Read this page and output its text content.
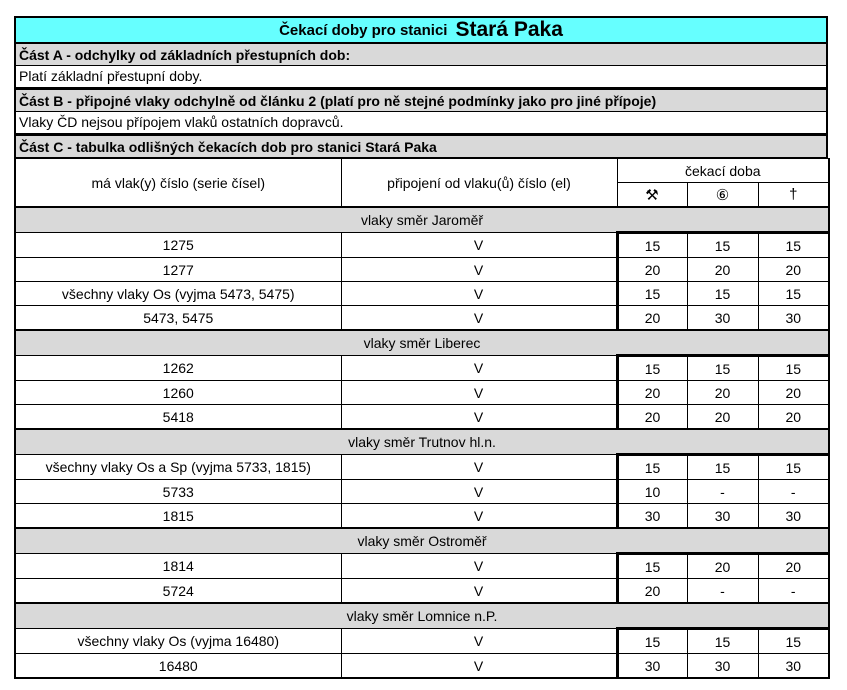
Čekací doby pro stanici Stará Paka
Část A - odchylky od základních přestupních dob:
Platí základní přestupní doby.
Část B - připojné vlaky odchylně od článku 2 (platí pro ně stejné podmínky jako pro jiné přípoje)
Vlaky ČD nejsou přípojem vlaků ostatních dopravců.
Část C - tabulka odlišných čekacích dob pro stanici Stará Paka
má vlak(y) číslo (serie čísel)	připojení od vlaku(ů) číslo (el)	čekací doba		
		⚒	⑥	†
vlaky směr Jaroměř				
1275	V	15	15	15
1277	V	20	20	20
všechny vlaky Os (vyjma 5473, 5475)	V	15	15	15
5473, 5475	V	20	30	30
vlaky směr Liberec				
1262	V	15	15	15
1260	V	20	20	20
5418	V	20	20	20
vlaky směr Trutnov hl.n.				
všechny vlaky Os a Sp (vyjma 5733, 1815)	V	15	15	15
5733	V	10	-	-
1815	V	30	30	30
vlaky směr Ostroměř				
1814	V	15	20	20
5724	V	20	-	-
vlaky směr Lomnice n.P.				
všechny vlaky Os (vyjma 16480)	V	15	15	15
16480	V	30	30	30
